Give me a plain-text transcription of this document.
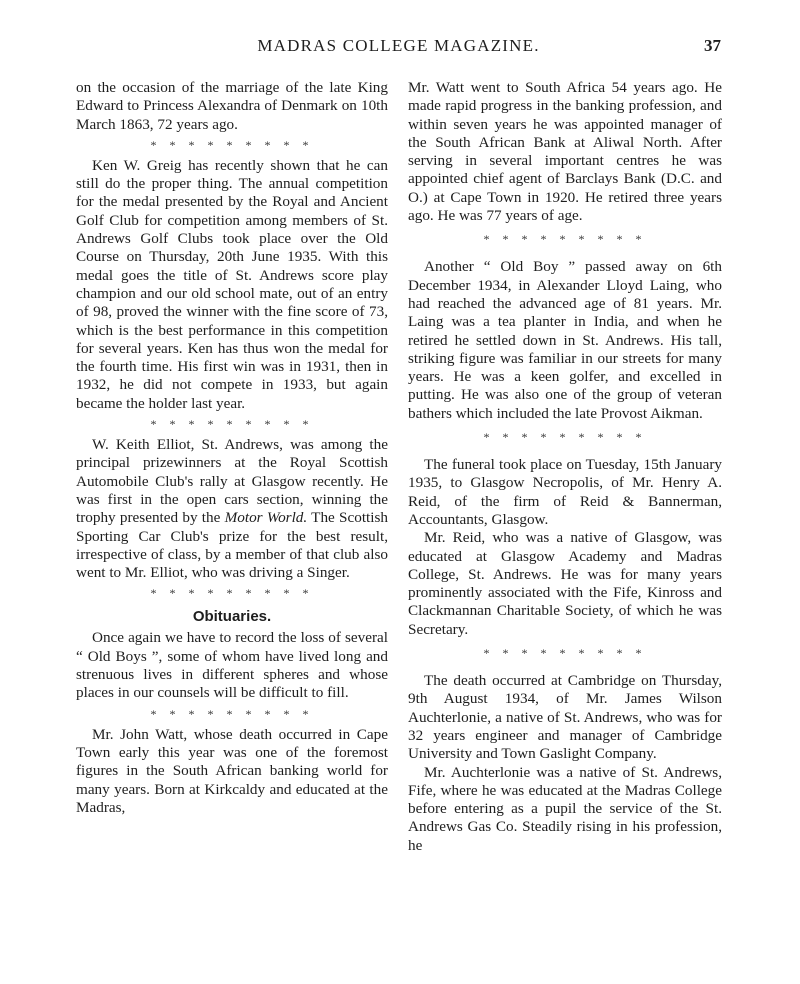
MADRAS COLLEGE MAGAZINE.	37

on the occasion of the marriage of the late King Edward to Princess Alexandra of Denmark on 10th March 1863, 72 years ago.

* * * * * * * * *

Ken W. Greig has recently shown that he can still do the proper thing. The annual competition for the medal presented by the Royal and Ancient Golf Club for competition among members of St. Andrews Golf Clubs took place over the Old Course on Thursday, 20th June 1935. With this medal goes the title of St. Andrews score play champion and our old school mate, out of an entry of 98, proved the winner with the fine score of 73, which is the best performance in this competition for several years. Ken has thus won the medal for the fourth time. His first win was in 1931, then in 1932, he did not compete in 1933, but again became the holder last year.

* * * * * * * * *

W. Keith Elliot, St. Andrews, was among the principal prizewinners at the Royal Scottish Automobile Club's rally at Glasgow recently. He was first in the open cars section, winning the trophy presented by the Motor World. The Scottish Sporting Car Club's prize for the best result, irrespective of class, by a member of that club also went to Mr. Elliot, who was driving a Singer.

* * * * * * * * *
Obituaries.

Once again we have to record the loss of several “ Old Boys ”, some of whom have lived long and strenuous lives in different spheres and whose places in our counsels will be difficult to fill.

* * * * * * * * *

Mr. John Watt, whose death occurred in Cape Town early this year was one of the foremost figures in the South African banking world for many years. Born at Kirkcaldy and educated at the Madras,

Mr. Watt went to South Africa 54 years ago. He made rapid progress in the banking profession, and within seven years he was appointed manager of the South African Bank at Aliwal North. After serving in several important centres he was appointed chief agent of Barclays Bank (D.C. and O.) at Cape Town in 1920. He retired three years ago. He was 77 years of age.

* * * * * * * * *

Another “ Old Boy ” passed away on 6th December 1934, in Alexander Lloyd Laing, who had reached the advanced age of 81 years. Mr. Laing was a tea planter in India, and when he retired he settled down in St. Andrews. His tall, striking figure was familiar in our streets for many years. He was a keen golfer, and excelled in putting. He was also one of the group of veteran bathers which included the late Provost Aikman.

* * * * * * * * *

The funeral took place on Tuesday, 15th January 1935, to Glasgow Necropolis, of Mr. Henry A. Reid, of the firm of Reid & Bannerman, Accountants, Glasgow.

Mr. Reid, who was a native of Glasgow, was educated at Glasgow Academy and Madras College, St. Andrews. He was for many years prominently associated with the Fife, Kinross and Clackmannan Charitable Society, of which he was Secretary.

* * * * * * * * *

The death occurred at Cambridge on Thursday, 9th August 1934, of Mr. James Wilson Auchterlonie, a native of St. Andrews, who was for 32 years engineer and manager of Cambridge University and Town Gaslight Company.

Mr. Auchterlonie was a native of St. Andrews, Fife, where he was educated at the Madras College before entering as a pupil the service of the St. Andrews Gas Co. Steadily rising in his profession, he
